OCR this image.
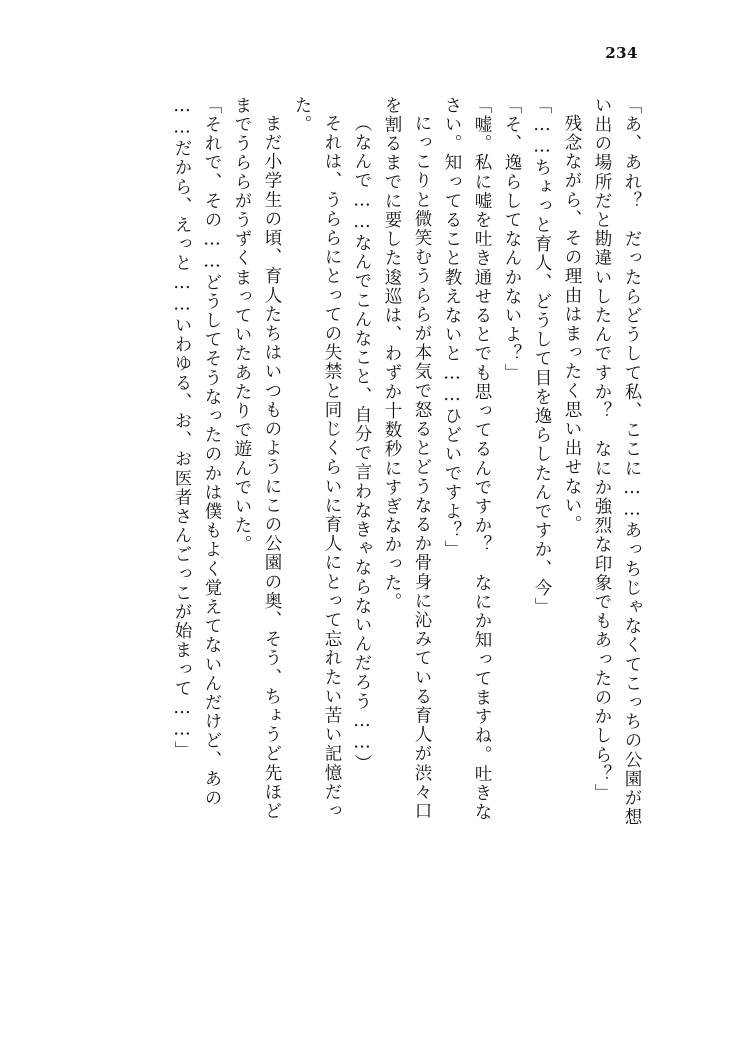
234
「あ、あれ？　だったらどうして私、ここに……あっちじゃなくてこっちの公園が想
い出の場所だと勘違いしたんですか？　なにか強烈な印象でもあったのかしら？」
残念ながら、その理由はまったく思い出せない。
「……ちょっと育人、どうして目を逸らしたんですか、今」
「そ、逸らしてなんかないよ？」
「嘘。私に嘘を吐き通せるとでも思ってるんですか？　なにか知ってますね。吐きな
さい。知ってること教えないと……ひどいですよ？」
にっこりと微笑むうららが本気で怒るとどうなるか骨身に沁みている育人が渋々口
を割るまでに要した逡巡は、わずか十数秒にすぎなかった。
（なんで……なんでこんなこと、自分で言わなきゃならないんだろう……）
それは、うららにとっての失禁と同じくらいに育人にとって忘れたい苦い記憶だっ
た。
まだ小学生の頃、育人たちはいつものようにこの公園の奥、そう、ちょうど先ほど
までうららがうずくまっていたあたりで遊んでいた。
「それで、その……どうしてそうなったのかは僕もよく覚えてないんだけど、あの
……だから、えっと……いわゆる、お、お医者さんごっこが始まって……」
